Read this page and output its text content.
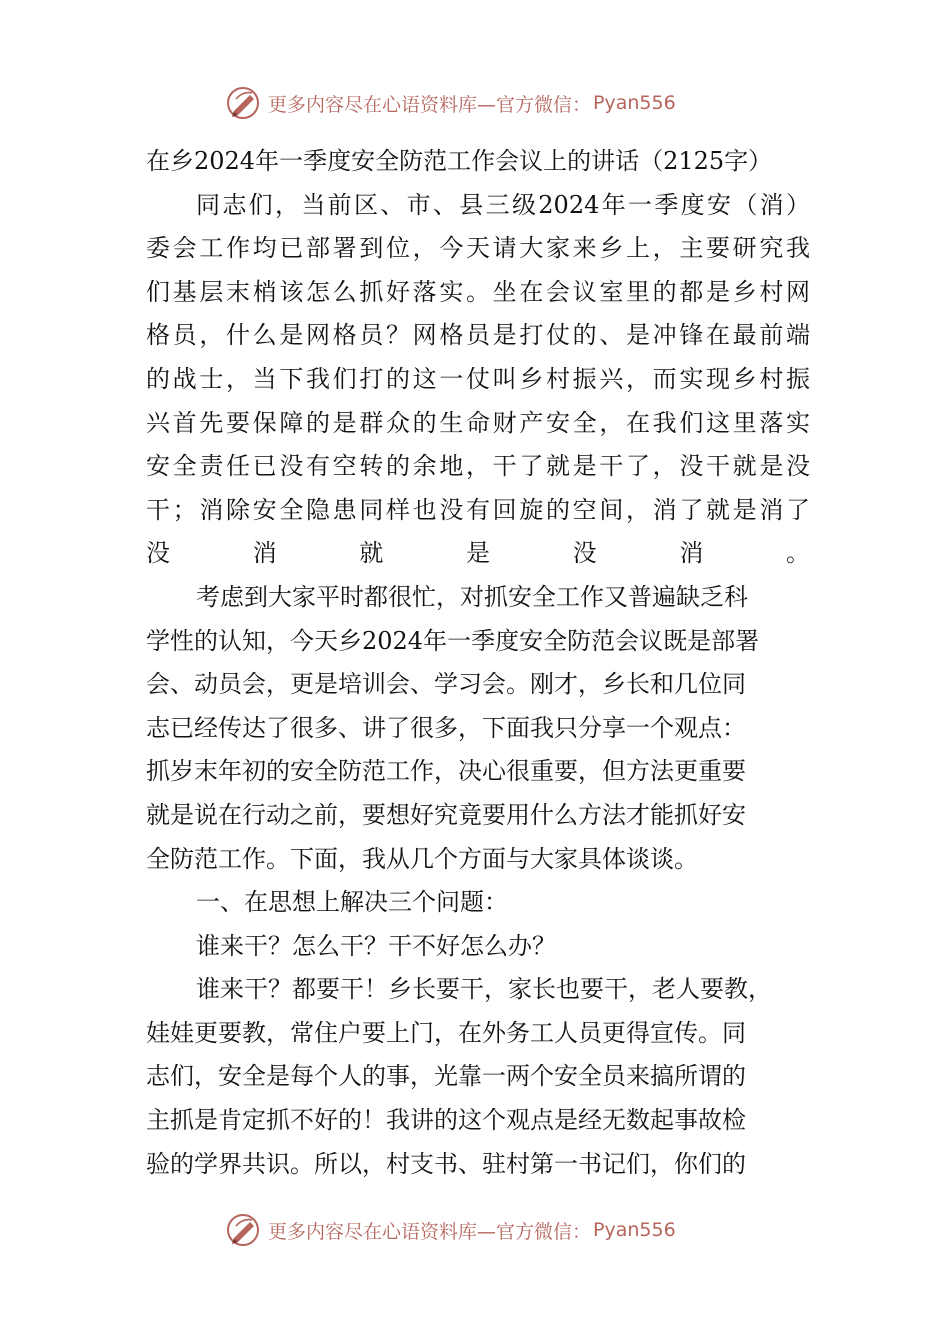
更多内容尽在心语资料库—官方微信： Pyan556

在乡2024年一季度安全防范工作会议上的讲话（2125字）

同志们，当前区、市、县三级2024年一季度安（消）
委会工作均已部署到位，今天请大家来乡上，主要研究我
们基层末梢该怎么抓好落实。坐在会议室里的都是乡村网
格员，什么是网格员？网格员是打仗的、是冲锋在最前端
的战士，当下我们打的这一仗叫乡村振兴，而实现乡村振
兴首先要保障的是群众的生命财产安全，在我们这里落实
安全责任已没有空转的余地，干了就是干了，没干就是没
干；消除安全隐患同样也没有回旋的空间，消了就是消了
没消就是没消。

考虑到大家平时都很忙，对抓安全工作又普遍缺乏科
学性的认知，今天乡2024年一季度安全防范会议既是部署
会、动员会，更是培训会、学习会。刚才，乡长和几位同
志已经传达了很多、讲了很多，下面我只分享一个观点：
抓岁末年初的安全防范工作，决心很重要，但方法更重要
就是说在行动之前，要想好究竟要用什么方法才能抓好安
全防范工作。下面，我从几个方面与大家具体谈谈。

一、在思想上解决三个问题：

谁来干？怎么干？干不好怎么办？

谁来干？都要干！乡长要干，家长也要干，老人要教，
娃娃更要教，常住户要上门，在外务工人员更得宣传。同
志们，安全是每个人的事，光靠一两个安全员来搞所谓的
主抓是肯定抓不好的！我讲的这个观点是经无数起事故检
验的学界共识。所以，村支书、驻村第一书记们，你们的

更多内容尽在心语资料库—官方微信： Pyan556
